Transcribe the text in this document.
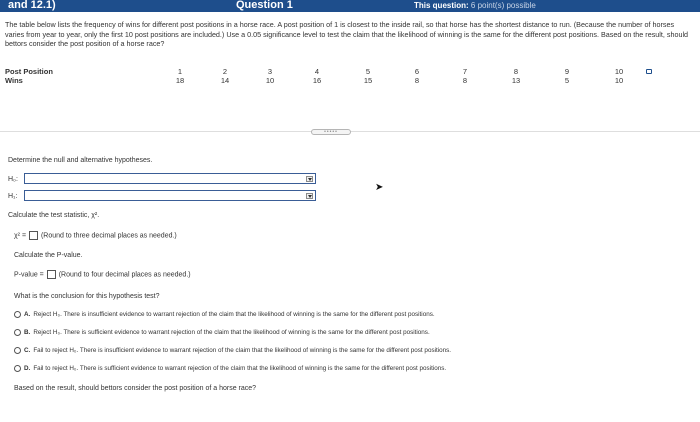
and 12.1)	Question 1	This question: 6 point(s) possible
The table below lists the frequency of wins for different post positions in a horse race. A post position of 1 is closest to the inside rail, so that horse has the shortest distance to run. (Because the number of horses varies from year to year, only the first 10 post positions are included.) Use a 0.05 significance level to test the claim that the likelihood of winning is the same for the different post positions. Based on the result, should bettors consider the post position of a horse race?
Post Position
Wins
1
18
2
14
3
10
4
16
5
15
6
8
7
8
8
13
9
5
10
10
•••••
Determine the null and alternative hypotheses.
H₀:
H₁:
➤
Calculate the test statistic, χ².
χ² = (Round to three decimal places as needed.)
Calculate the P-value.
P-value = (Round to four decimal places as needed.)
What is the conclusion for this hypothesis test?
A. Reject H₀. There is insufficient evidence to warrant rejection of the claim that the likelihood of winning is the same for the different post positions.
B. Reject H₀. There is sufficient evidence to warrant rejection of the claim that the likelihood of winning is the same for the different post positions.
C. Fail to reject H₀. There is insufficient evidence to warrant rejection of the claim that the likelihood of winning is the same for the different post positions.
D. Fail to reject H₀. There is sufficient evidence to warrant rejection of the claim that the likelihood of winning is the same for the different post positions.
Based on the result, should bettors consider the post position of a horse race?
